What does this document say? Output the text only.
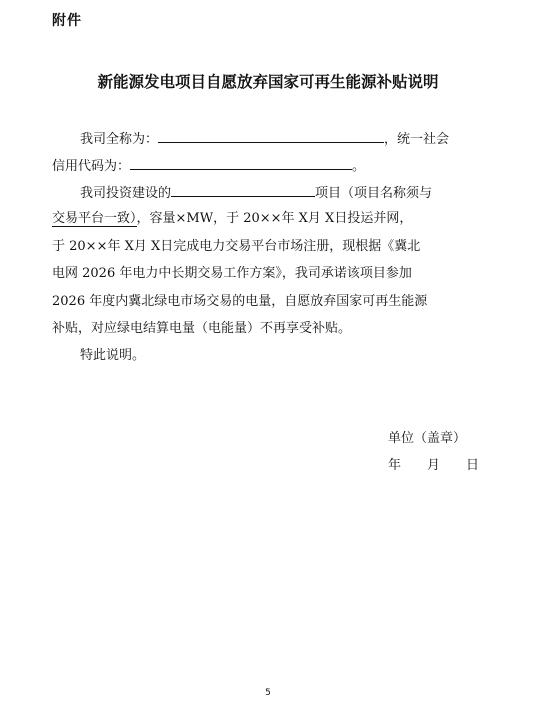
附件
新能源发电项目自愿放弃国家可再生能源补贴说明
我司全称为：	，统一社会
信用代码为：	。
我司投资建设的	项目（项目名称须与
交易平台一致），容量×MW，于 20××年 X月 X日投运并网，
于 20××年 X月 X日完成电力交易平台市场注册，现根据《冀北
电网 2026 年电力中长期交易工作方案》，我司承诺该项目参加
2026 年度内冀北绿电市场交易的电量，自愿放弃国家可再生能源
补贴，对应绿电结算电量（电能量）不再享受补贴。
特此说明。
单位（盖章）
年　　月　　日
5
